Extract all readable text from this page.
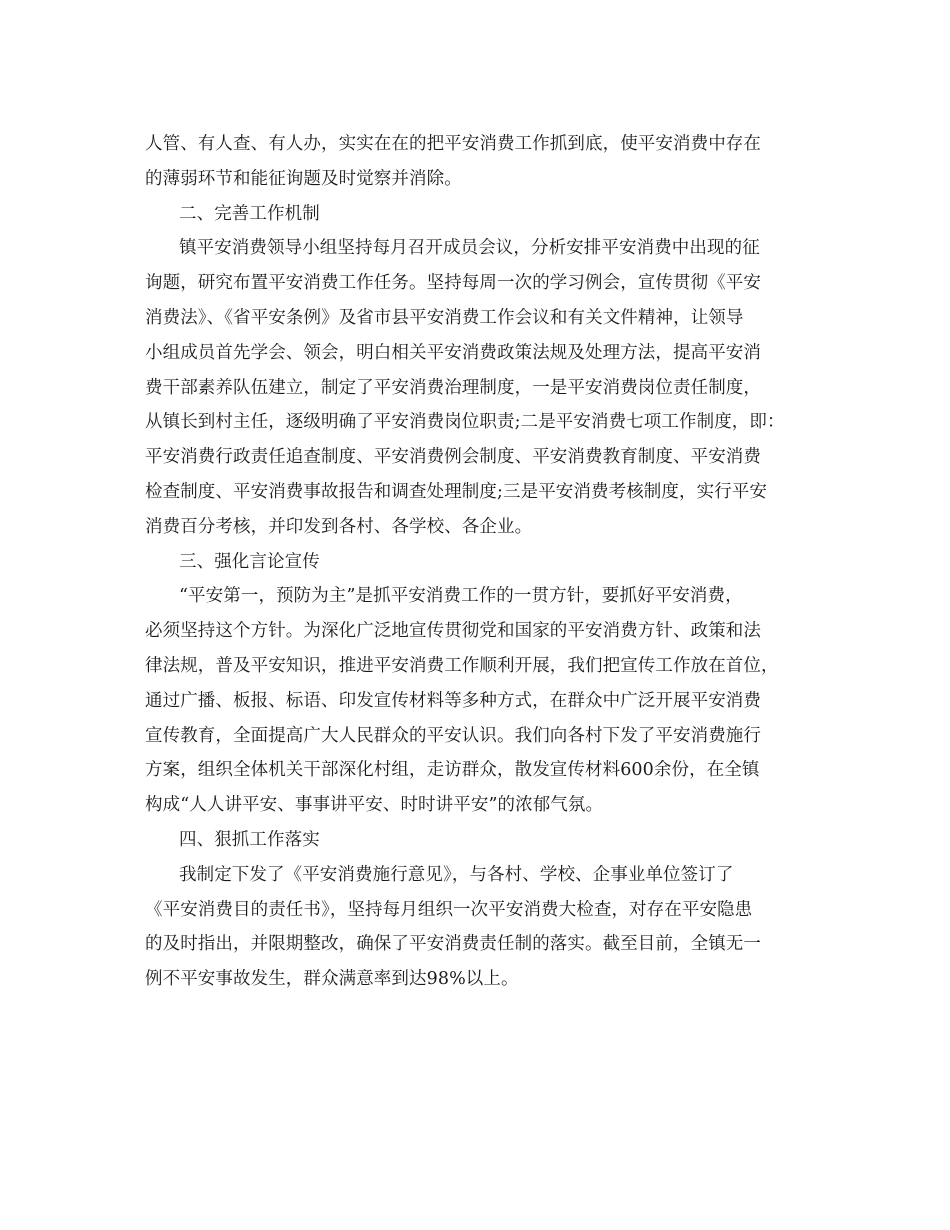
人管、有人查、有人办，实实在在的把平安消费工作抓到底，使平安消费中存在
的薄弱环节和能征询题及时觉察并消除。
二、完善工作机制
镇平安消费领导小组坚持每月召开成员会议，分析安排平安消费中出现的征
询题，研究布置平安消费工作任务。坚持每周一次的学习例会，宣传贯彻《平安
消费法》、《省平安条例》及省市县平安消费工作会议和有关文件精神，让领导
小组成员首先学会、领会，明白相关平安消费政策法规及处理方法，提高平安消
费干部素养队伍建立，制定了平安消费治理制度，一是平安消费岗位责任制度，
从镇长到村主任，逐级明确了平安消费岗位职责;二是平安消费七项工作制度，即：
平安消费行政责任追查制度、平安消费例会制度、平安消费教育制度、平安消费
检查制度、平安消费事故报告和调查处理制度;三是平安消费考核制度，实行平安
消费百分考核，并印发到各村、各学校、各企业。
三、强化言论宣传
“平安第一，预防为主”是抓平安消费工作的一贯方针，要抓好平安消费，
必须坚持这个方针。为深化广泛地宣传贯彻党和国家的平安消费方针、政策和法
律法规，普及平安知识，推进平安消费工作顺利开展，我们把宣传工作放在首位，
通过广播、板报、标语、印发宣传材料等多种方式，在群众中广泛开展平安消费
宣传教育，全面提高广大人民群众的平安认识。我们向各村下发了平安消费施行
方案，组织全体机关干部深化村组，走访群众，散发宣传材料600余份，在全镇
构成“人人讲平安、事事讲平安、时时讲平安”的浓郁气氛。
四、狠抓工作落实
我制定下发了《平安消费施行意见》，与各村、学校、企事业单位签订了
《平安消费目的责任书》，坚持每月组织一次平安消费大检查，对存在平安隐患
的及时指出，并限期整改，确保了平安消费责任制的落实。截至目前，全镇无一
例不平安事故发生，群众满意率到达98%以上。
